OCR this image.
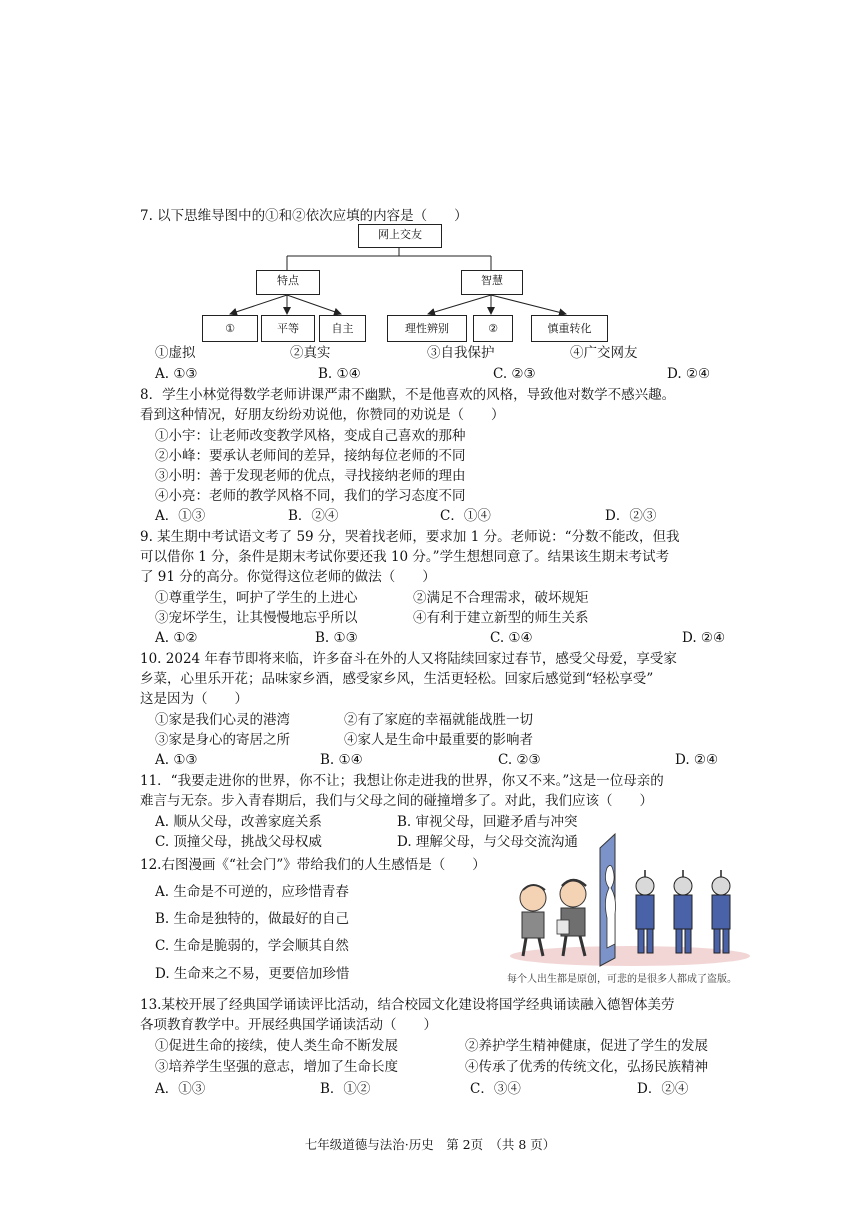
7. 以下思维导图中的①和②依次应填的内容是（　　）
网上交友
特点	智慧
①	平等	自主	理性辨别	②	慎重转化
①虚拟	②真实	③自我保护	④广交网友
A. ①③	B. ①④	C. ②③	D. ②④
8．学生小林觉得数学老师讲课严肃不幽默，不是他喜欢的风格，导致他对数学不感兴趣。
看到这种情况，好朋友纷纷劝说他，你赞同的劝说是（　　）
①小宇：让老师改变教学风格，变成自己喜欢的那种
②小峰：要承认老师间的差异，接纳每位老师的不同
③小明：善于发现老师的优点，寻找接纳老师的理由
④小亮：老师的教学风格不同，我们的学习态度不同
A．①③	B．②④	C．①④	D．②③
9. 某生期中考试语文考了 59 分，哭着找老师，要求加 1 分。老师说：“分数不能改，但我
可以借你 1 分，条件是期末考试你要还我 10 分。”学生想想同意了。结果该生期末考试考
了 91 分的高分。你觉得这位老师的做法（　　）
①尊重学生，呵护了学生的上进心	②满足不合理需求，破坏规矩
③宠坏学生，让其慢慢地忘乎所以	④有利于建立新型的师生关系
A. ①②	B. ①③	C. ①④	D. ②④
10. 2024 年春节即将来临，许多奋斗在外的人又将陆续回家过春节，感受父母爱，享受家
乡菜，心里乐开花；品味家乡酒，感受家乡风，生活更轻松。回家后感觉到“轻松享受”
这是因为（　　）
①家是我们心灵的港湾	②有了家庭的幸福就能战胜一切
③家是身心的寄居之所	④家人是生命中最重要的影响者
A. ①③	B. ①④	C. ②③	D. ②④
11．“我要走进你的世界，你不让；我想让你走进我的世界，你又不来。”这是一位母亲的
难言与无奈。步入青春期后，我们与父母之间的碰撞增多了。对此，我们应该（　　）
A. 顺从父母，改善家庭关系	B. 审视父母，回避矛盾与冲突
C. 顶撞父母，挑战父母权威	D. 理解父母，与父母交流沟通
12.右图漫画《“社会门”》带给我们的人生感悟是（　　）
A. 生命是不可逆的，应珍惜青春
B. 生命是独特的，做最好的自己
C. 生命是脆弱的，学会顺其自然
D. 生命来之不易，更要倍加珍惜	每个人出生都是原创，可悲的是很多人都成了盗版。
13.某校开展了经典国学诵读评比活动，结合校园文化建设将国学经典诵读融入德智体美劳
各项教育教学中。开展经典国学诵读活动（　　）
①促进生命的接续，使人类生命不断发展	②养护学生精神健康，促进了学生的发展
③培养学生坚强的意志，增加了生命长度	④传承了优秀的传统文化，弘扬民族精神
A．①③	B．①②	C．③④	D．②④
七年级道德与法治·历史　第 2页　（共 8 页）
